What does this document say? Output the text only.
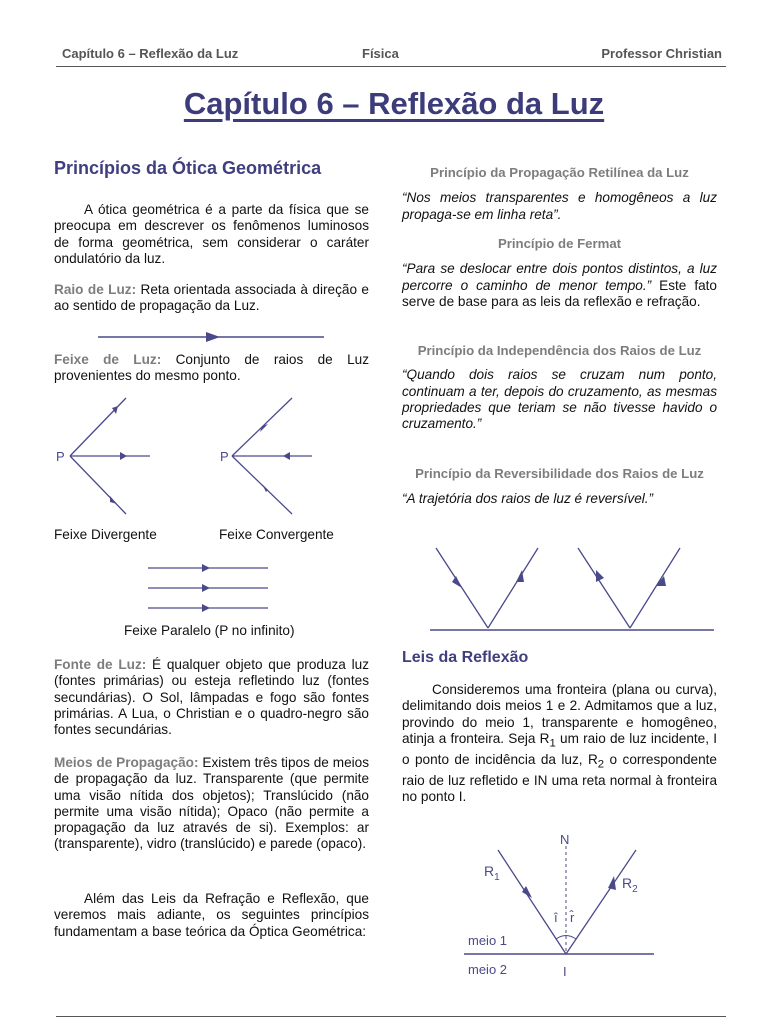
Capítulo 6 – Reflexão da Luz	Física	Professor Christian
Capítulo 6 – Reflexão da Luz
Princípios da Ótica Geométrica

A ótica geométrica é a parte da física que se preocupa em descrever os fenômenos luminosos de forma geométrica, sem considerar o caráter ondulatório da luz.

Raio de Luz: Reta orientada associada à direção e ao sentido de propagação da Luz.

Feixe de Luz: Conjunto de raios de Luz provenientes do mesmo ponto.

P	P
Feixe Divergente	Feixe Convergente
Feixe Paralelo (P no infinito)

Fonte de Luz: É qualquer objeto que produza luz (fontes primárias) ou esteja refletindo luz (fontes secundárias). O Sol, lâmpadas e fogo são fontes primárias. A Lua, o Christian e o quadro-negro são fontes secundárias.

Meios de Propagação: Existem três tipos de meios de propagação da luz. Transparente (que permite uma visão nítida dos objetos); Translúcido (não permite uma visão nítida); Opaco (não permite a propagação da luz através de si). Exemplos: ar (transparente), vidro (translúcido) e parede (opaco).

Além das Leis da Refração e Reflexão, que veremos mais adiante, os seguintes princípios fundamentam a base teórica da Óptica Geométrica:

Princípio da Propagação Retilínea da Luz

“Nos meios transparentes e homogêneos a luz propaga-se em linha reta”.

Princípio de Fermat

“Para se deslocar entre dois pontos distintos, a luz percorre o caminho de menor tempo.” Este fato serve de base para as leis da reflexão e refração.

Princípio da Independência dos Raios de Luz

“Quando dois raios se cruzam num ponto, continuam a ter, depois do cruzamento, as mesmas propriedades que teriam se não tivesse havido o cruzamento.”

Princípio da Reversibilidade dos Raios de Luz

“A trajetória dos raios de luz é reversível.”

Leis da Reflexão

Consideremos uma fronteira (plana ou curva), delimitando dois meios 1 e 2. Admitamos que a luz, provindo do meio 1, transparente e homogêneo, atinja a fronteira. Seja $R_1$ um raio de luz incidente, I o ponto de incidência da luz, $R_2$ o correspondente raio de luz refletido e IN uma reta normal à fronteira no ponto I.

N
$R_1$	$R_2$
î r̂
meio 1
meio 2	I
